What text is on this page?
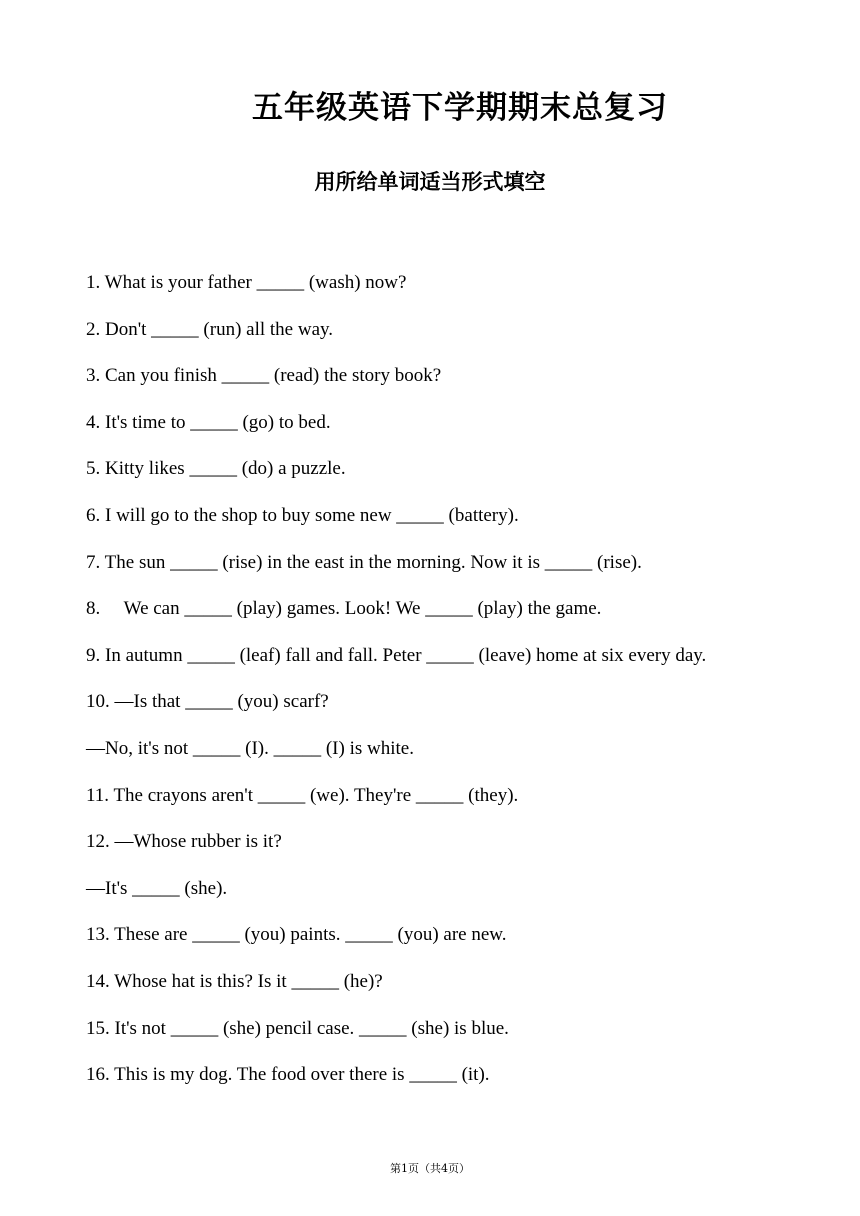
五年级英语下学期期末总复习
用所给单词适当形式填空
1. What is your father _____ (wash) now?
2. Don't _____ (run) all the way.
3. Can you finish _____ (read) the story book?
4. It's time to _____ (go) to bed.
5. Kitty likes _____ (do) a puzzle.
6. I will go to the shop to buy some new _____ (battery).
7. The sun _____ (rise) in the east in the morning. Now it is _____ (rise).
8.     We can _____ (play) games. Look! We _____ (play) the game.
9. In autumn _____ (leaf) fall and fall. Peter _____ (leave) home at six every day.
10. —Is that _____ (you) scarf?
—No, it's not _____ (I). _____ (I) is white.
11. The crayons aren't _____ (we). They're _____ (they).
12. —Whose rubber is it?
—It's _____ (she).
13. These are _____ (you) paints. _____ (you) are new.
14. Whose hat is this? Is it _____ (he)?
15. It's not _____ (she) pencil case. _____ (she) is blue.
16. This is my dog. The food over there is _____ (it).
第1页（共4页）
